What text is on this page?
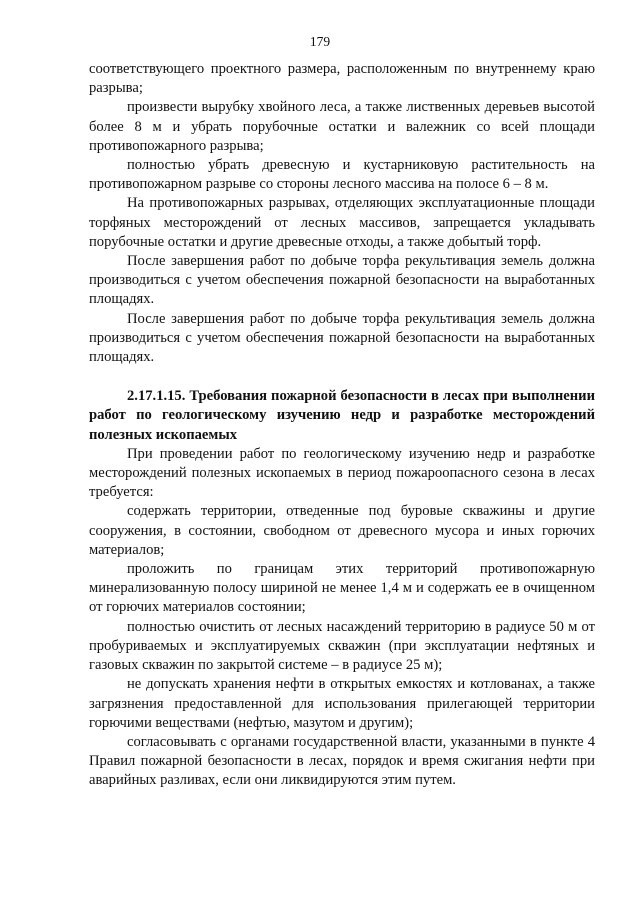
179

соответствующего проектного размера, расположенным по внутреннему краю разрыва;

произвести вырубку хвойного леса, а также лиственных деревьев высотой более 8 м и убрать порубочные остатки и валежник со всей площади противопожарного разрыва;

полностью убрать древесную и кустарниковую растительность на противопожарном разрыве со стороны лесного массива на полосе 6 – 8 м.

На противопожарных разрывах, отделяющих эксплуатационные площади торфяных месторождений от лесных массивов, запрещается укладывать порубочные остатки и другие древесные отходы, а также добытый торф.

После завершения работ по добыче торфа рекультивация земель должна производиться с учетом обеспечения пожарной безопасности на выработанных площадях.

После завершения работ по добыче торфа рекультивация земель должна производиться с учетом обеспечения пожарной безопасности на выработанных площадях.

2.17.1.15. Требования пожарной безопасности в лесах при выполнении работ по геологическому изучению недр и разработке месторождений полезных ископаемых

При проведении работ по геологическому изучению недр и разработке месторождений полезных ископаемых в период пожароопасного сезона в лесах требуется:

содержать территории, отведенные под буровые скважины и другие сооружения, в состоянии, свободном от древесного мусора и иных горючих материалов;

проложить по границам этих территорий противопожарную минерализованную полосу шириной не менее 1,4 м и содержать ее в очищенном от горючих материалов состоянии;

полностью очистить от лесных насаждений территорию в радиусе 50 м от пробуриваемых и эксплуатируемых скважин (при эксплуатации нефтяных и газовых скважин по закрытой системе – в радиусе 25 м);

не допускать хранения нефти в открытых емкостях и котлованах, а также загрязнения предоставленной для использования прилегающей территории горючими веществами (нефтью, мазутом и другим);

согласовывать с органами государственной власти, указанными в пункте 4 Правил пожарной безопасности в лесах, порядок и время сжигания нефти при аварийных разливах, если они ликвидируются этим путем.
